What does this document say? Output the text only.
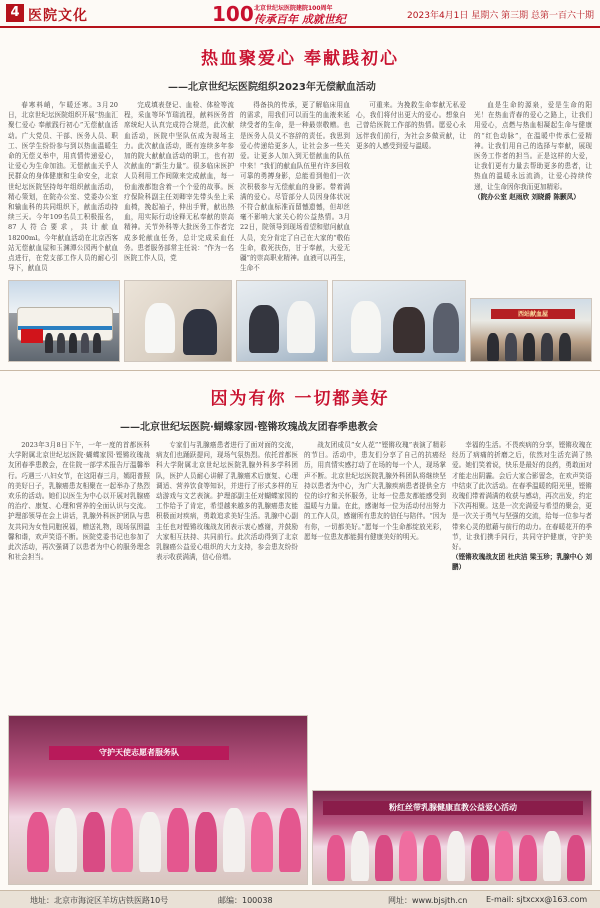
4 医院文化	100 北京世纪坛医院建院100周年
传承百年 成就世纪	2023年4月1日 星期六 第三期 总第一百六十期
热血聚爱心 奉献践初心
——北京世纪坛医院组织2023年无偿献血活动

春寒料峭，乍暖还寒。3月20日，北京世纪坛医院组织开展“热血汇聚仁爱心 奉献践行初心”无偿献血活动。广大党员、干部、医务人员、职工、医学生纷纷参与到以热血温暖生命的无偿义举中，用真情传递爱心，让爱心为生命加油。无偿献血关乎人民群众的身体健康和生命安全，北京世纪坛医院坚持每年组织献血活动，精心策划，在院办公室、党委办公室和输血科的共同组织下，献血活动持续三天。今年109名员工积极报名，87人符合要求，共计献血18200ml。今年献血活动在北京西客站无偿献血屋和玉渊潭公园两个献血点进行，在党支部工作人员的耐心引导下，献血员

完成填表登记、血检、体检等流程，采血等环节瑞流程，献料医务首席统纪人认真完成符合规范，此次献血活动，医院中坚队伍成为现场主力。此次献血活动，既有连续多年参加的院大献献血活动的职工，也有初次献血的“新生力量”。很多临床医护人员利用工作间隙来完成献血，每一份血液都饱含着一个个爱的故事。医疗保险科副主任刘卿宰先带头坐上采血椅，挽起袖子，伸出手臂，献出热血，用实际行动诠释无私奉献的崇高精神。关节外科等大批医务工作者完成多轮献血任务，总计完成采血任务。患者服务部常主任说：“作为一名医院工作人员，党

得备执的传承，更了解临床用血的需求，用我们可以而生的血液来延续受者的生命，是一种最崇敬赠。也是医务人员义不容辞的责任。我思到爱心传递给更多人，让社会多一些关爱。让更多人加入到无偿献血的队伍中来！”我们的献血队伍里有许多回收可靠的勇搏身影，总能看到他们一次次积极参与无偿献血的身影。带着满满的爱心。尽管部分人员因身体状况不符合献血标准而留憾遗憾，但却丝毫不影响大家关心的公益热情。3月22日，院领导到现场看望和慰问献血人员，充分肯定了自己在大家的“敬佑生命，救死扶伤，甘于奉献，大爱无疆”的崇高职业精神。血液可以再生，生命不

可重来。为挽救生命奉献无私爱心，我们将付出更大的爱心。想象自己曾给医院工作部的热情。愿爱心永远伴我们前行，为社会多做贡献，让更多的人感受到爱与温暖。

血是生命的源泉，爱是生命的阳光！在热血青春的爱心之路上，让我们用爱心，点燃与热血相凝起生命与健康的“红色动脉”，在温暖中传承仁爱精神。让我们用自己的选择与奉献，展现医务工作者的担当。正是这样的大爱，让我们更有力量去帮助更多的患者，让热血的温暖永远流淌，让爱心持续传递，让生命因你我而更加精彩。

（院办公室 赵雨欣 刘晓爵 陈颢凤）
西站献血屋
因为有你 一切都美好
——北京世纪坛医院·蝴蝶家园·铿锵玫瑰战友团春季患教会

2023年3月8日下午，一年一度的首都医科大学附属北京世纪坛医院·蝴蝶家园·铿锵玫瑰战友团春季患教会，在住院一部学术报告厅温馨举行。巧遇三·八妇女节，在这阳春三月，嫣阳普照的美好日子，乳腺癌患友相聚在一起举办了热烈欢乐的活动。她们以医生为中心以开展对乳腺癌的治疗、康复、心理和营养的全面认识与交流。护理部领导在会上讲话，乳腺外科医护团队与患友共同为女性同胞祝福，赠送礼物，现场氛围温馨和谐，欢声笑语不断。医院党委书记也参加了此次活动，再次强调了以患者为中心的服务理念和社会担当。

专家们与乳腺癌患者进行了面对面的交流，病友们也踊跃提问，现场气氛热烈。依托首都医科大学附属北京世纪坛医院乳腺外科多学科团队，医护人员耐心讲解了乳腺癌术后康复、心理调适、营养饮食等知识，并进行了形式多样的互动游戏与文艺表演。护理部副主任对蝴蝶家园的工作给予了肯定，希望越来越多的乳腺癌患友能积极面对疾病，勇敢追求美好生活。乳腺中心副主任也对铿锵玫瑰战友团表示衷心感谢，并鼓励大家相互扶持、共同前行。此次活动得到了北京乳腺癌公益爱心组织的大力支持，参会患友纷纷表示收获满满，信心倍增。

战友团成员“女人花”“铿锵玫瑰”表演了精彩的节目。活动中，患友们分享了自己的抗癌经历，用真情实感打动了在场的每一个人，现场掌声不断。北京世纪坛医院乳腺外科团队将继续坚持以患者为中心，为广大乳腺疾病患者提供全方位的诊疗和关怀服务，让每一位患友都能感受到温暖与力量。在此，感谢每一位为活动付出努力的工作人员，感谢所有患友的信任与陪伴。“因为有你，一切都美好。”愿每一个生命都绽放光彩，愿每一位患友都能拥有健康美好的明天。

幸福的生活。不畏疾病的分享，铿锵玫瑰在经历了病痛的折磨之后，依然对生活充满了热爱。她们笑着说，快乐是最好的良药，勇敢面对才能走出阴霾。会后大家合影留念，在欢声笑语中结束了此次活动。在春季温暖的阳光里，铿锵玫瑰们带着满满的收获与感动，再次出发，约定下次再相聚。这是一次充满爱与希望的聚会，更是一次关于勇气与坚强的交流，给每一位参与者带来心灵的慰藉与前行的动力。在春暖花开的季节，让我们携手同行，共同守护健康，守护美好。

（铿锵玫瑰战友团 杜庆洁 梁玉珍；乳腺中心 刘鹏）
守护天使志愿者服务队
粉红丝带乳腺健康直教公益爱心活动
地址：北京市海淀区羊坊店铁医路10号	邮编：100038	网址：www.bjsjth.cn E-mail: sjtxcxx@163.com
